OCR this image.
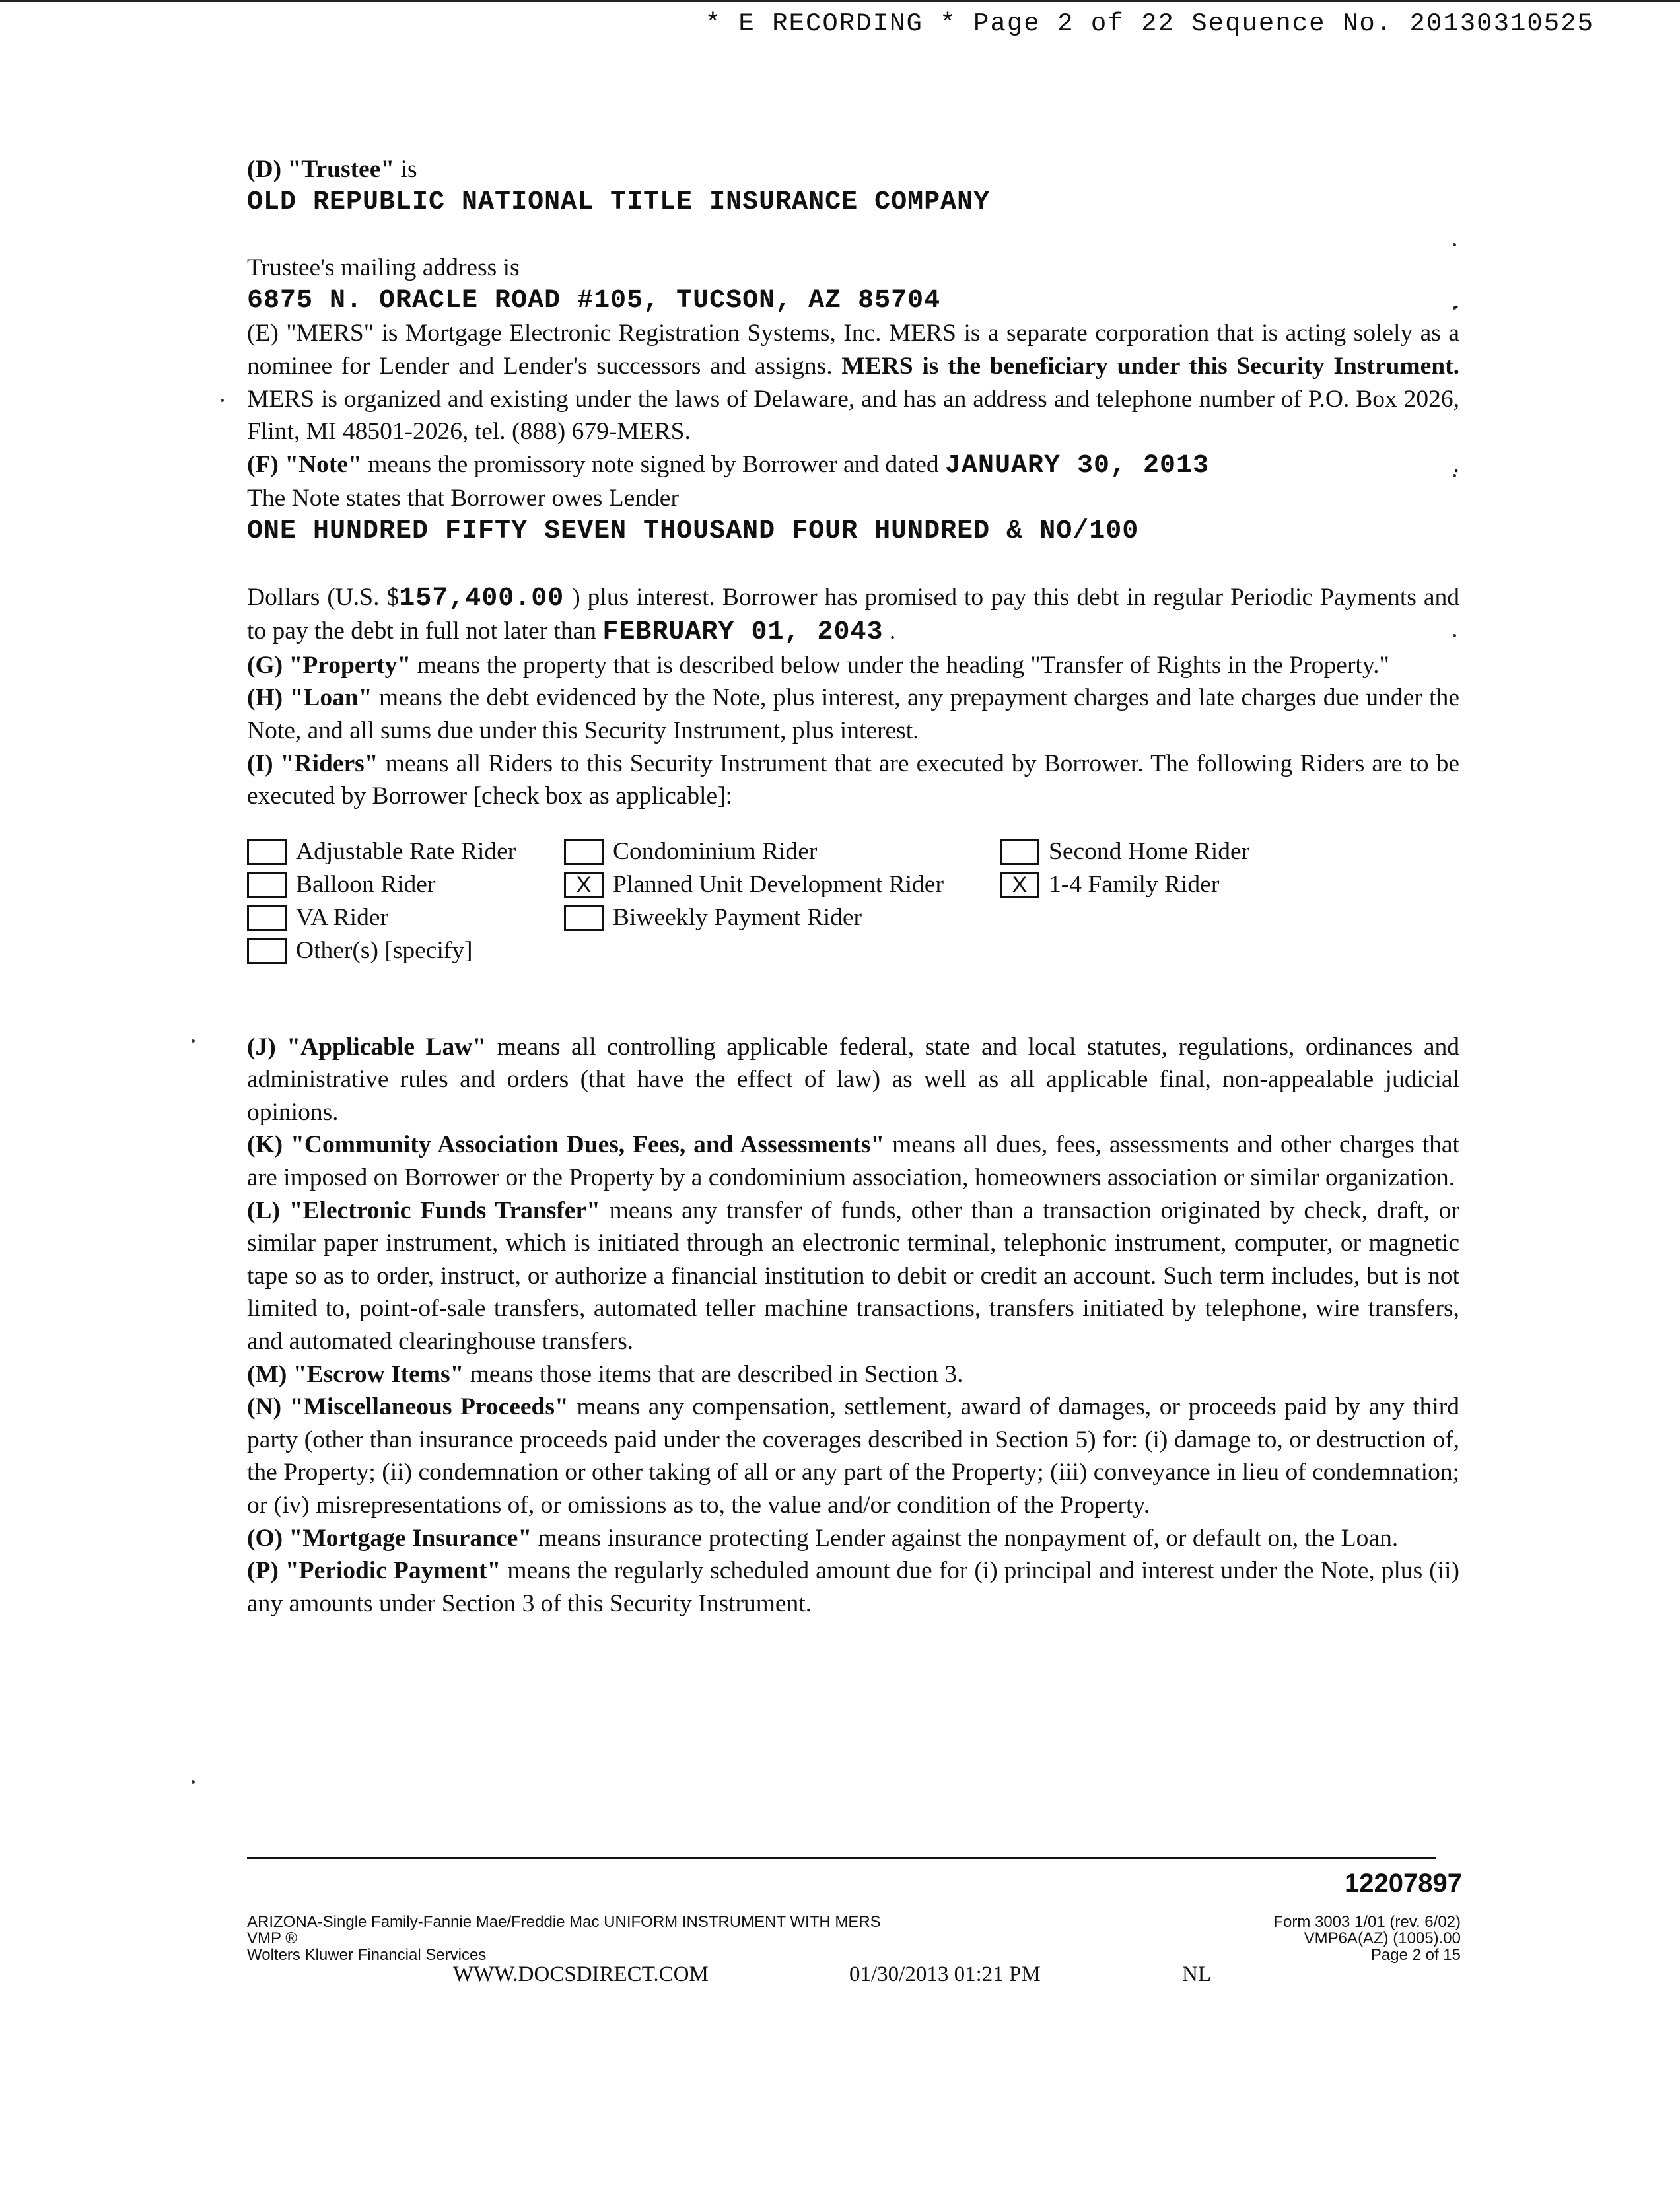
* E RECORDING * Page 2 of 22 Sequence No. 20130310525

(D) "Trustee" is

OLD REPUBLIC NATIONAL TITLE INSURANCE COMPANY

Trustee's mailing address is

6875 N. ORACLE ROAD #105, TUCSON, AZ 85704	.

(E) "MERS" is Mortgage Electronic Registration Systems, Inc. MERS is a separate corporation that is acting solely as a nominee for Lender and Lender's successors and assigns. MERS is the beneficiary under this Security Instrument. MERS is organized and existing under the laws of Delaware, and has an address and telephone number of P.O. Box 2026, Flint, MI 48501-2026, tel. (888) 679-MERS.

(F) "Note" means the promissory note signed by Borrower and dated JANUARY 30, 2013	.

The Note states that Borrower owes Lender

ONE HUNDRED FIFTY SEVEN THOUSAND FOUR HUNDRED & NO/100

Dollars (U.S. $157,400.00 ) plus interest. Borrower has promised to pay this debt in regular Periodic Payments and to pay the debt in full not later than FEBRUARY 01, 2043 .

(G) "Property" means the property that is described below under the heading "Transfer of Rights in the Property."

(H) "Loan" means the debt evidenced by the Note, plus interest, any prepayment charges and late charges due under the Note, and all sums due under this Security Instrument, plus interest.

(I) "Riders" means all Riders to this Security Instrument that are executed by Borrower. The following Riders are to be executed by Borrower [check box as applicable]:

Adjustable Rate Rider	Condominium Rider	Second Home Rider
Balloon Rider	X Planned Unit Development Rider	X 1-4 Family Rider
VA Rider	Biweekly Payment Rider
Other(s) [specify]

(J) "Applicable Law" means all controlling applicable federal, state and local statutes, regulations, ordinances and administrative rules and orders (that have the effect of law) as well as all applicable final, non-appealable judicial opinions.

(K) "Community Association Dues, Fees, and Assessments" means all dues, fees, assessments and other charges that are imposed on Borrower or the Property by a condominium association, homeowners association or similar organization.

(L) "Electronic Funds Transfer" means any transfer of funds, other than a transaction originated by check, draft, or similar paper instrument, which is initiated through an electronic terminal, telephonic instrument, computer, or magnetic tape so as to order, instruct, or authorize a financial institution to debit or credit an account. Such term includes, but is not limited to, point-of-sale transfers, automated teller machine transactions, transfers initiated by telephone, wire transfers, and automated clearinghouse transfers.

(M) "Escrow Items" means those items that are described in Section 3.

(N) "Miscellaneous Proceeds" means any compensation, settlement, award of damages, or proceeds paid by any third party (other than insurance proceeds paid under the coverages described in Section 5) for: (i) damage to, or destruction of, the Property; (ii) condemnation or other taking of all or any part of the Property; (iii) conveyance in lieu of condemnation; or (iv) misrepresentations of, or omissions as to, the value and/or condition of the Property.

(O) "Mortgage Insurance" means insurance protecting Lender against the nonpayment of, or default on, the Loan.

(P) "Periodic Payment" means the regularly scheduled amount due for (i) principal and interest under the Note, plus (ii) any amounts under Section 3 of this Security Instrument.

12207897
ARIZONA-Single Family-Fannie Mae/Freddie Mac UNIFORM INSTRUMENT WITH MERS
VMP ®
Wolters Kluwer Financial Services
Form 3003 1/01 (rev. 6/02)
VMP6A(AZ) (1005).00
Page 2 of 15
WWW.DOCSDIRECT.COM	01/30/2013 01:21 PM	NL
